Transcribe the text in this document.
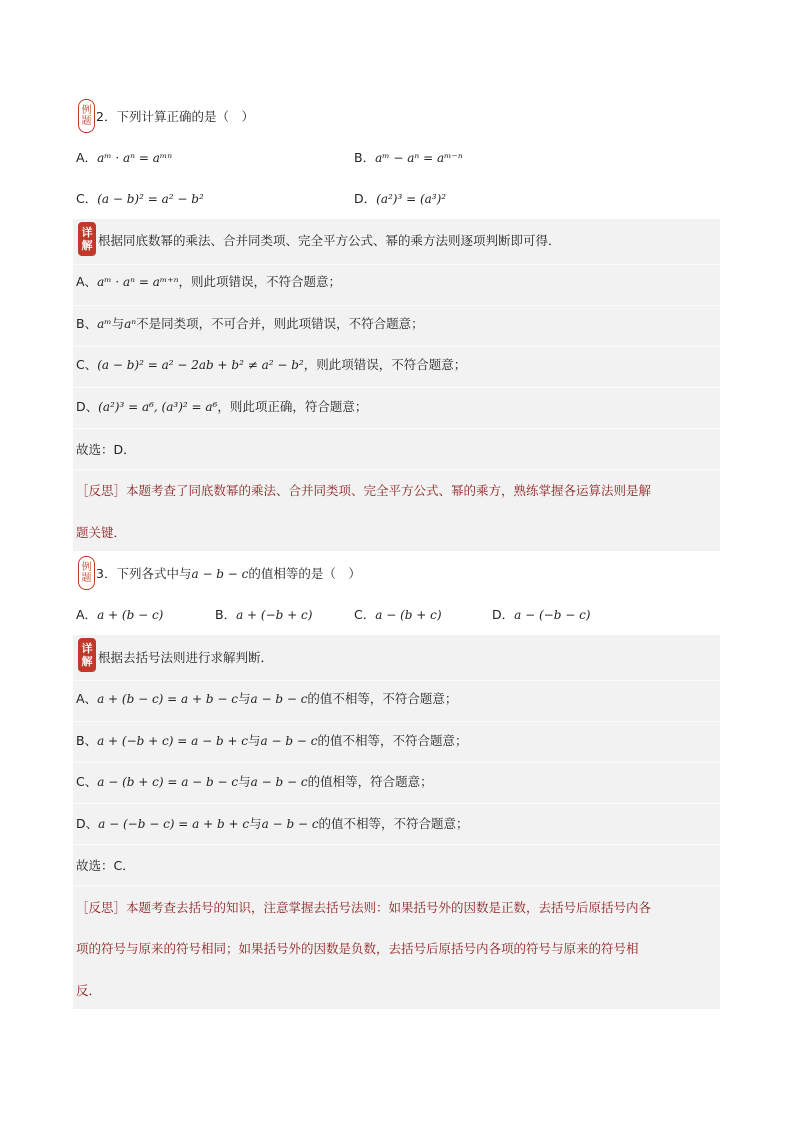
例
题 2．下列计算正确的是（　）
A．aᵐ · aⁿ = aᵐⁿ	B．aᵐ − aⁿ = aᵐ⁻ⁿ
C．(a − b)² = a² − b²	D．(a²)³ = (a³)²
详
解 根据同底数幂的乘法、合并同类项、完全平方公式、幂的乘方法则逐项判断即可得．
A、aᵐ · aⁿ = aᵐ⁺ⁿ，则此项错误，不符合题意；
B、aᵐ与aⁿ不是同类项，不可合并，则此项错误，不符合题意；
C、(a − b)² = a² − 2ab + b² ≠ a² − b²，则此项错误，不符合题意；
D、(a²)³ = a⁶, (a³)² = a⁶，则此项正确，符合题意；
故选：D．
［反思］本题考查了同底数幂的乘法、合并同类项、完全平方公式、幂的乘方，熟练掌握各运算法则是解
题关键．
例
题 3．下列各式中与a − b − c的值相等的是（　）
A．a + (b − c)	B．a + (−b + c)	C．a − (b + c)	D．a − (−b − c)
详
解 根据去括号法则进行求解判断．
A、a + (b − c) = a + b − c与a − b − c的值不相等，不符合题意；
B、a + (−b + c) = a − b + c与a − b − c的值不相等，不符合题意；
C、a − (b + c) = a − b − c与a − b − c的值相等，符合题意；
D、a − (−b − c) = a + b + c与a − b − c的值不相等，不符合题意；
故选：C．
［反思］本题考查去括号的知识，注意掌握去括号法则：如果括号外的因数是正数，去括号后原括号内各
项的符号与原来的符号相同；如果括号外的因数是负数，去括号后原括号内各项的符号与原来的符号相
反．
